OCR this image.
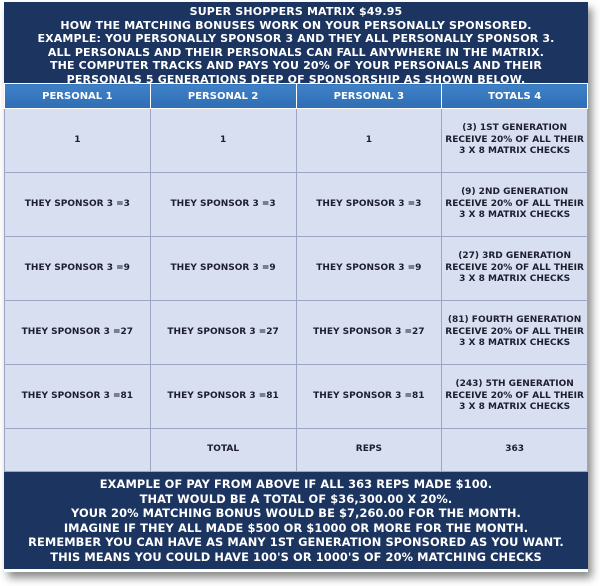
SUPER SHOPPERS MATRIX $49.95
HOW THE MATCHING BONUSES WORK ON YOUR PERSONALLY SPONSORED.
EXAMPLE: YOU PERSONALLY SPONSOR 3 AND THEY ALL PERSONALLY SPONSOR 3.
ALL PERSONALS AND THEIR PERSONALS CAN FALL ANYWHERE IN THE MATRIX.
THE COMPUTER TRACKS AND PAYS YOU 20% OF YOUR PERSONALS AND THEIR
PERSONALS 5 GENERATIONS DEEP OF SPONSORSHIP AS SHOWN BELOW.
PERSONAL 1	PERSONAL 2	PERSONAL 3	TOTALS 4
1	1	1	(3) 1ST GENERATION RECEIVE 20% OF ALL THEIR 3 X 8 MATRIX CHECKS
THEY SPONSOR 3 =3	THEY SPONSOR 3 =3	THEY SPONSOR 3 =3	(9) 2ND GENERATION RECEIVE 20% OF ALL THEIR 3 X 8 MATRIX CHECKS
THEY SPONSOR 3 =9	THEY SPONSOR 3 =9	THEY SPONSOR 3 =9	(27) 3RD GENERATION RECEIVE 20% OF ALL THEIR 3 X 8 MATRIX CHECKS
THEY SPONSOR 3 =27	THEY SPONSOR 3 =27	THEY SPONSOR 3 =27	(81) FOURTH GENERATION RECEIVE 20% OF ALL THEIR 3 X 8 MATRIX CHECKS
THEY SPONSOR 3 =81	THEY SPONSOR 3 =81	THEY SPONSOR 3 =81	(243) 5TH GENERATION RECEIVE 20% OF ALL THEIR 3 X 8 MATRIX CHECKS
	TOTAL	REPS	363
EXAMPLE OF PAY FROM ABOVE IF ALL 363 REPS MADE $100.
THAT WOULD BE A TOTAL OF $36,300.00 X 20%.
YOUR 20% MATCHING BONUS WOULD BE $7,260.00 FOR THE MONTH.
IMAGINE IF THEY ALL MADE $500 OR $1000 OR MORE FOR THE MONTH.
REMEMBER YOU CAN HAVE AS MANY 1ST GENERATION SPONSORED AS YOU WANT.
THIS MEANS YOU COULD HAVE 100'S OR 1000'S OF 20% MATCHING CHECKS
